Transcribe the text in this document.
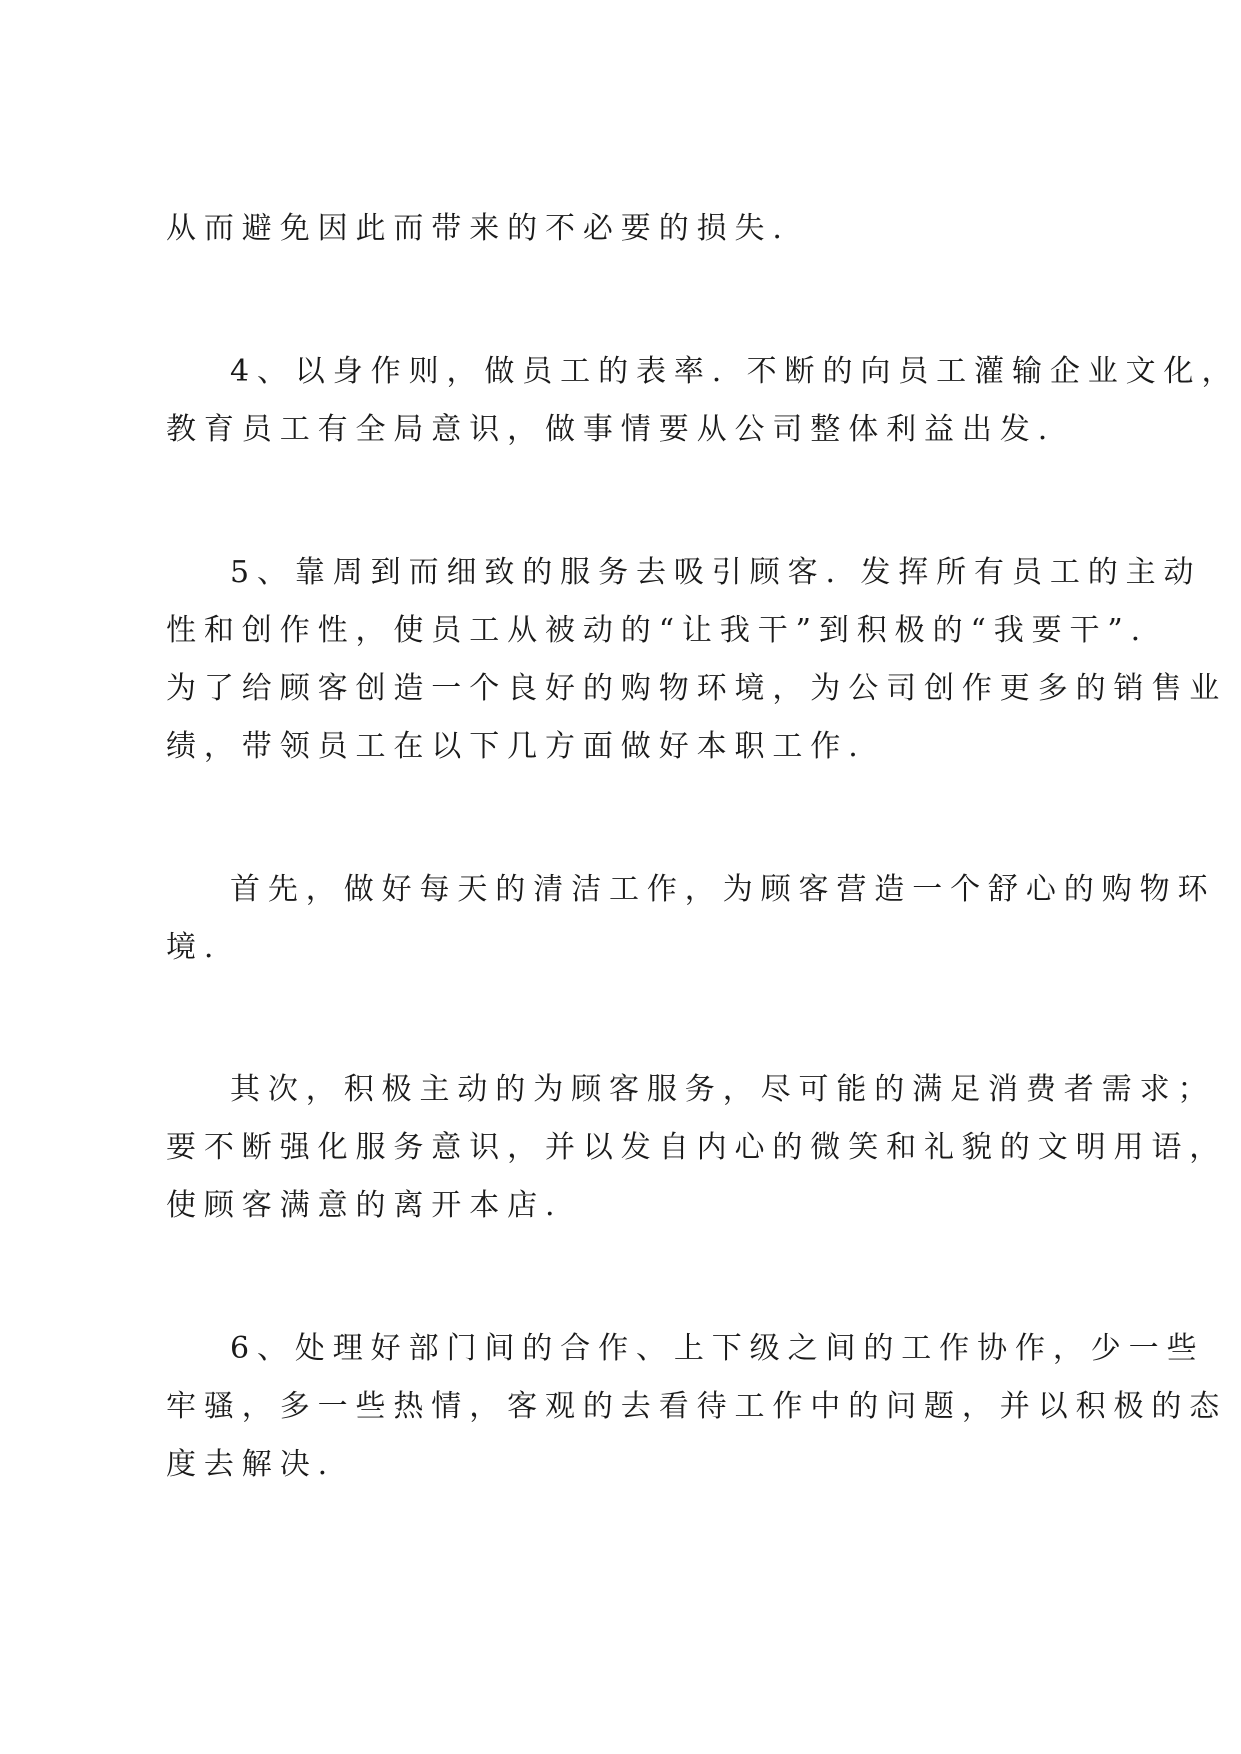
从而避免因此而带来的不必要的损失.
4、以身作则，做员工的表率. 不断的向员工灌输企业文化，
教育员工有全局意识，做事情要从公司整体利益出发.
5、靠周到而细致的服务去吸引顾客. 发挥所有员工的主动
性和创作性，使员工从被动的“让我干”到积极的“我要干”.
为了给顾客创造一个良好的购物环境，为公司创作更多的销售业
绩，带领员工在以下几方面做好本职工作.
首先，做好每天的清洁工作，为顾客营造一个舒心的购物环
境.
其次，积极主动的为顾客服务，尽可能的满足消费者需求；
要不断强化服务意识，并以发自内心的微笑和礼貌的文明用语，
使顾客满意的离开本店.
6、处理好部门间的合作、上下级之间的工作协作，少一些
牢骚，多一些热情，客观的去看待工作中的问题，并以积极的态
度去解决.
